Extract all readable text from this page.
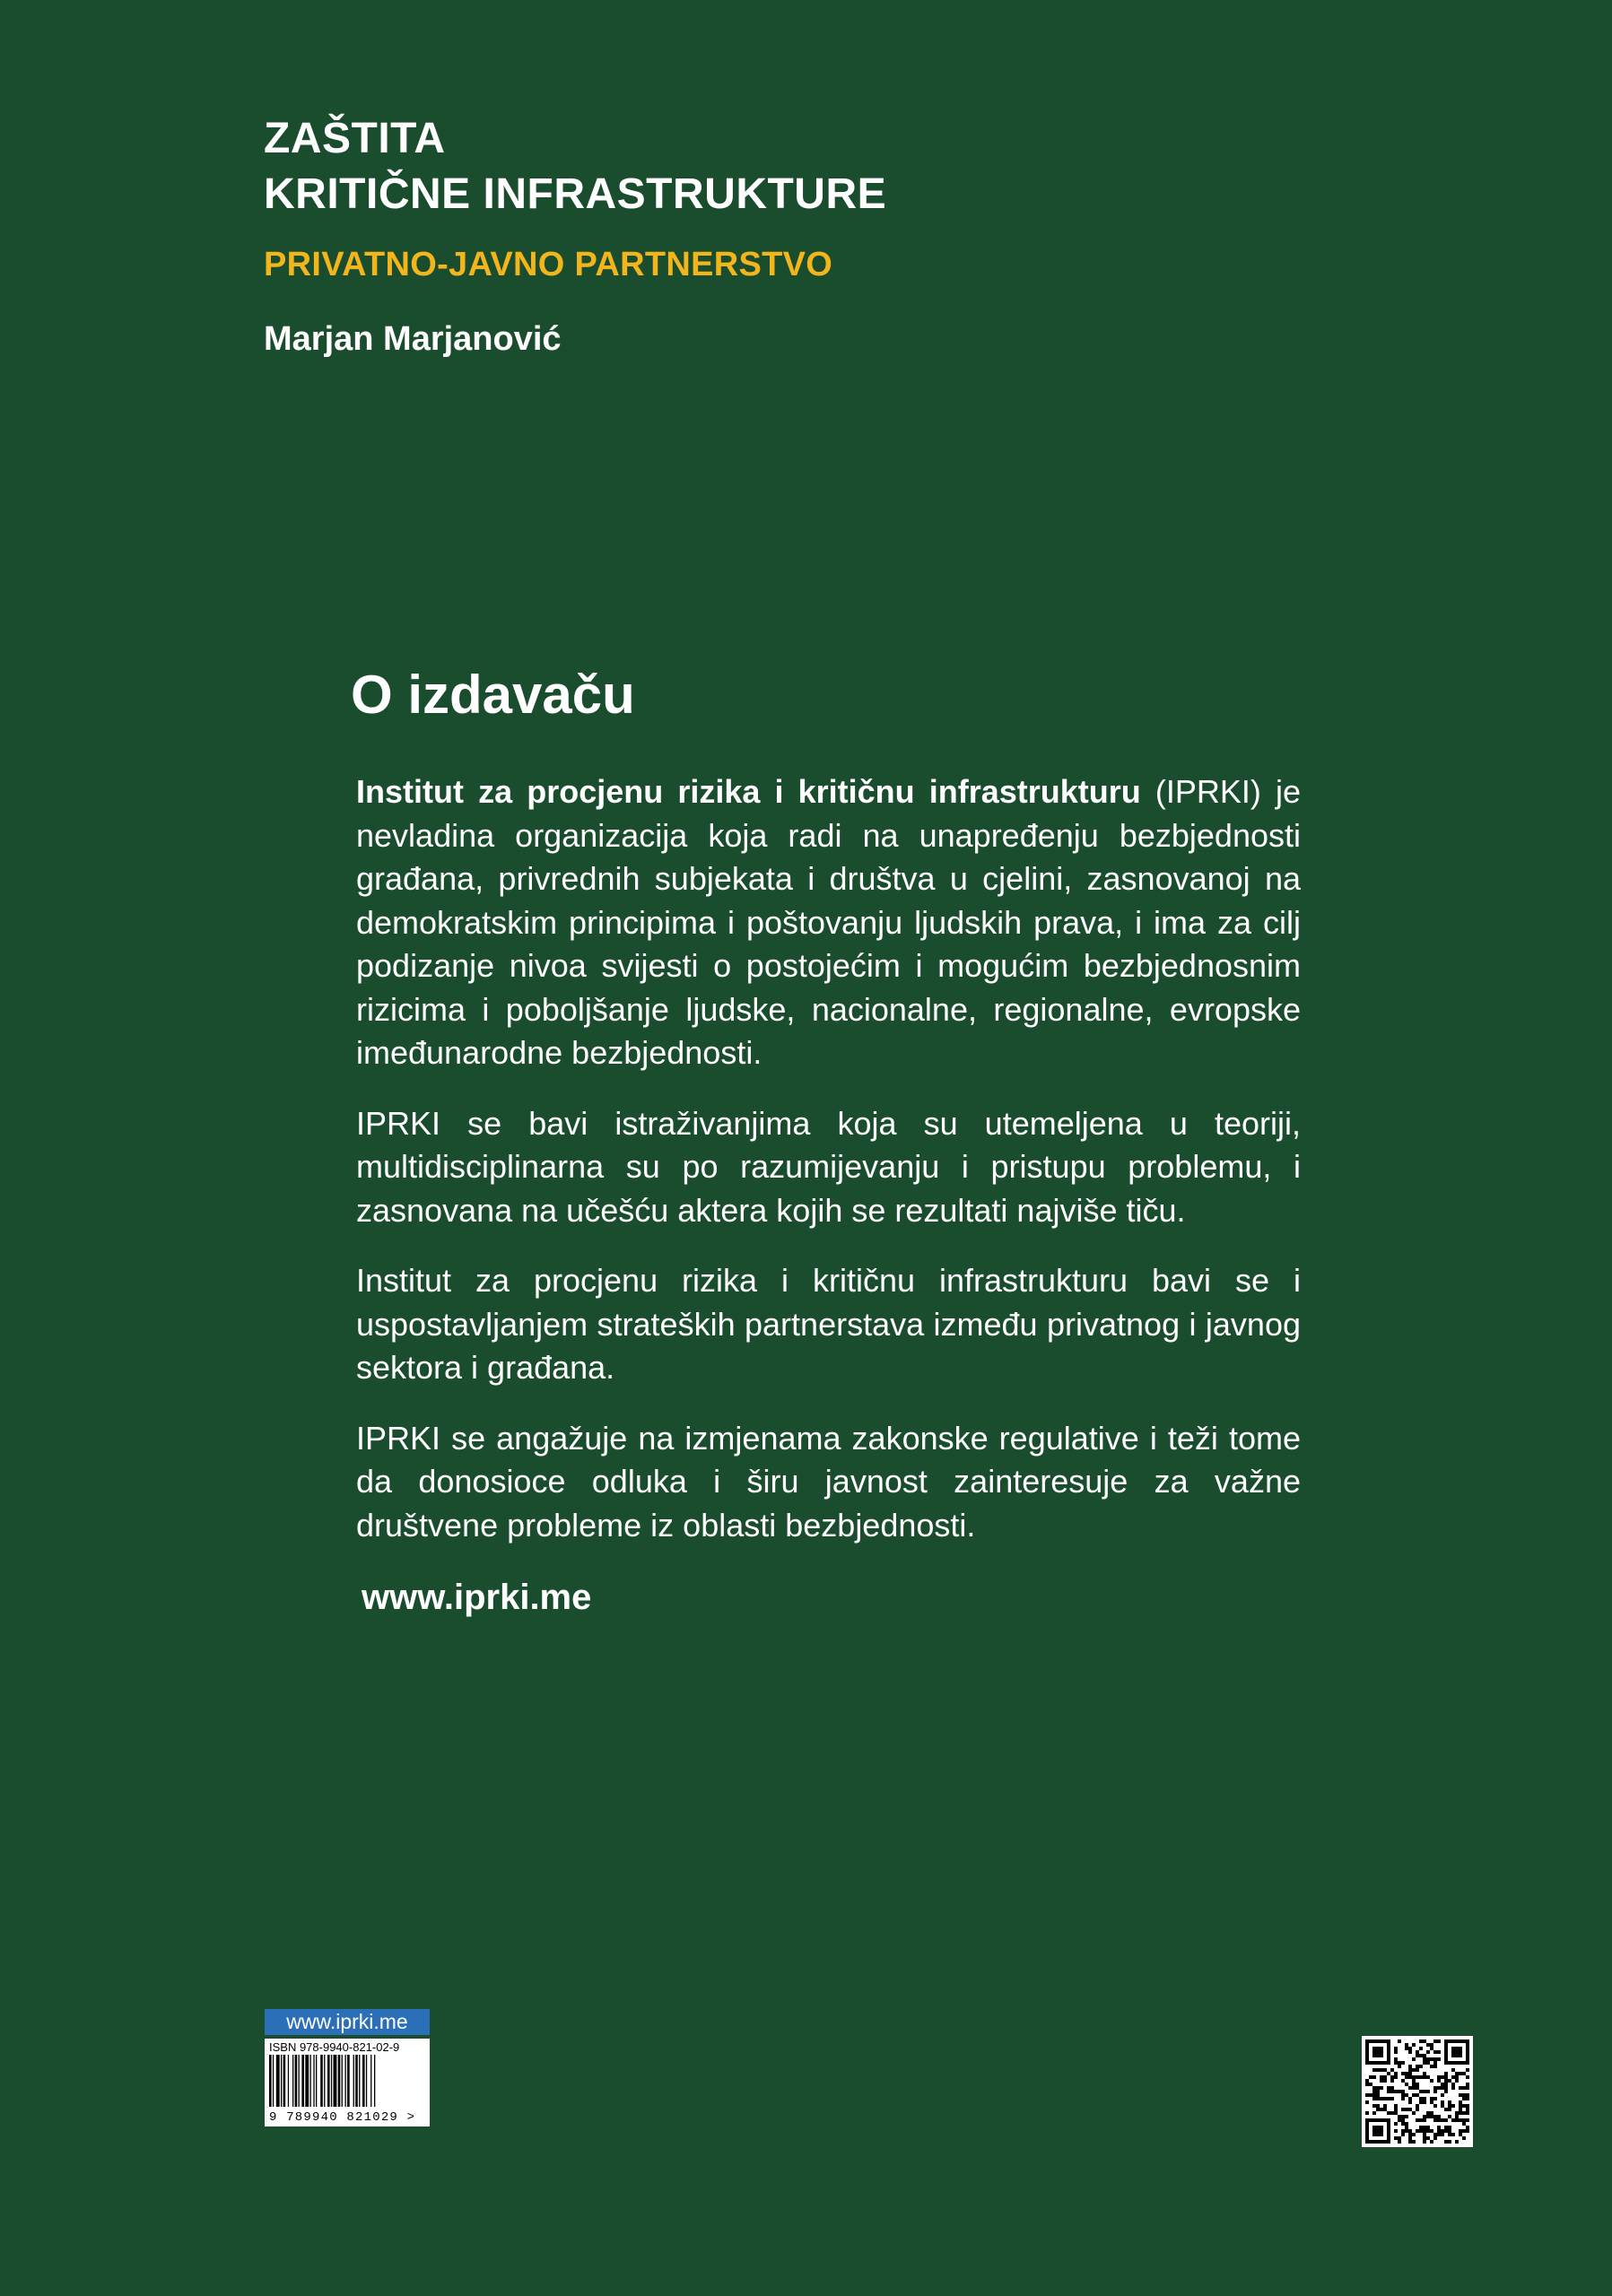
ZAŠTITA
KRITIČNE INFRASTRUKTURE
PRIVATNO-JAVNO PARTNERSTVO
Marjan Marjanović
O izdavaču

Institut za procjenu rizika i kritičnu infrastrukturu (IPRKI) je nevladina organizacija koja radi na unapređenju bezbjednosti građana, privrednih subjekata i društva u cjelini, zasnovanoj na demokratskim principima i poštovanju ljudskih prava, i ima za cilj podizanje nivoa svijesti o postojećim i mogućim bezbjednosnim rizicima i poboljšanje ljudske, nacionalne, regionalne, evropske imeđunarodne bezbjednosti.

IPRKI se bavi istraživanjima koja su utemeljena u teoriji, multidisciplinarna su po razumijevanju i pristupu problemu, i zasnovana na učešću aktera kojih se rezultati najviše tiču.

Institut za procjenu rizika i kritičnu infrastrukturu bavi se i uspostavljanjem strateških partnerstava između privatnog i javnog sektora i građana.

IPRKI se angažuje na izmjenama zakonske regulative i teži tome da donosioce odluka i širu javnost zainteresuje za važne društvene probleme iz oblasti bezbjednosti.

www.iprki.me
www.iprki.me
ISBN 978-9940-821-02-9
9 789940 821029 >
